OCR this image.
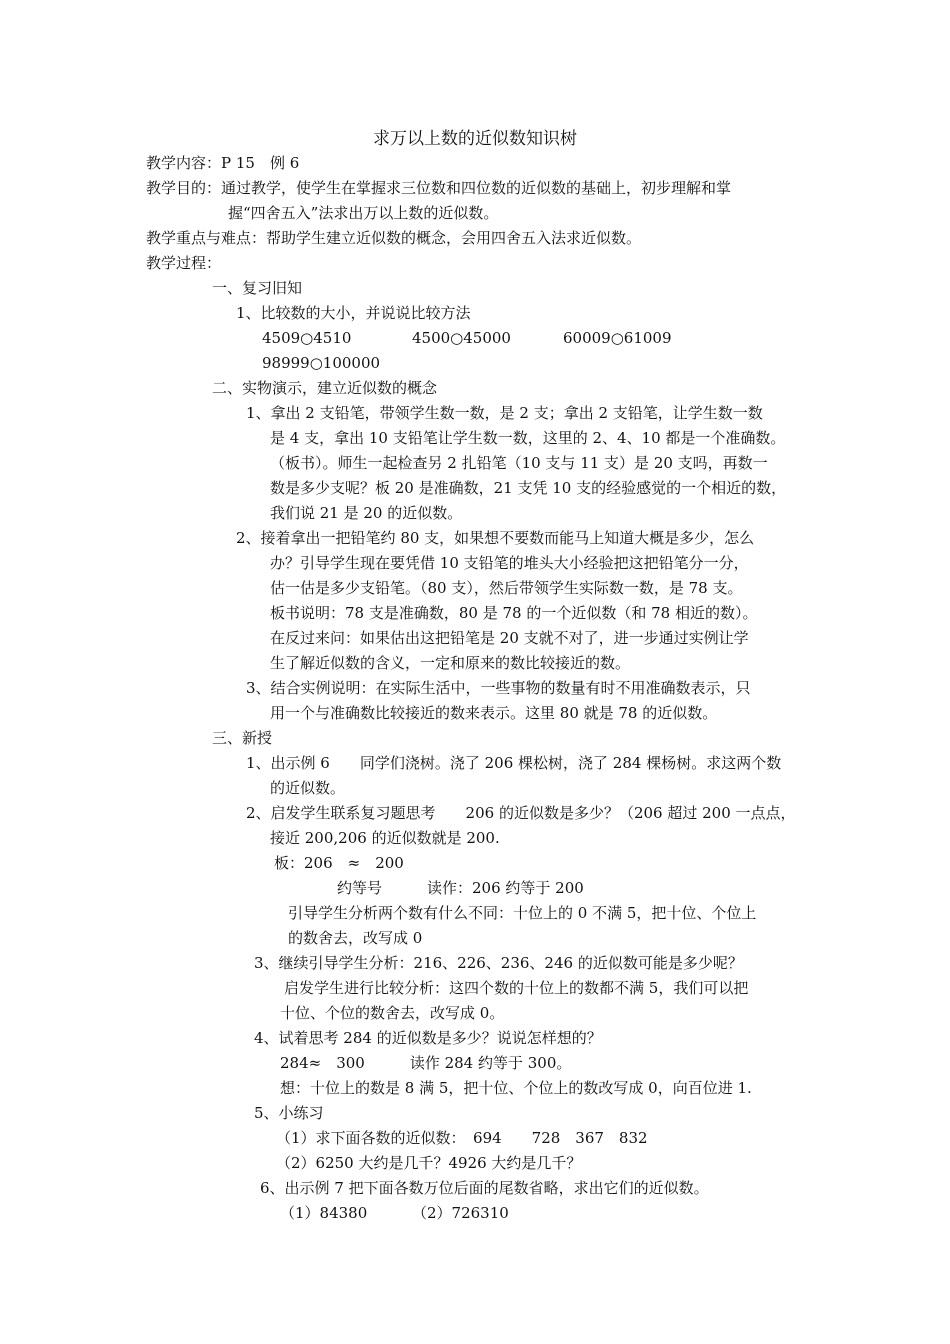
求万以上数的近似数知识树
教学内容：P 15　例 6
教学目的：通过教学，使学生在掌握求三位数和四位数的近似数的基础上，初步理解和掌
握“四舍五入”法求出万以上数的近似数。
教学重点与难点：帮助学生建立近似数的概念，会用四舍五入法求近似数。
教学过程：
一、复习旧知
1、比较数的大小，并说说比较方法
4509○4510	4500○45000	60009○61009
98999○100000
二、实物演示，建立近似数的概念
1、拿出 2 支铅笔，带领学生数一数，是 2 支；拿出 2 支铅笔，让学生数一数
是 4 支，拿出 10 支铅笔让学生数一数，这里的 2、4、10 都是一个准确数。
（板书）。师生一起检查另 2 扎铅笔（10 支与 11 支）是 20 支吗，再数一
数是多少支呢？板 20 是准确数，21 支凭 10 支的经验感觉的一个相近的数，
我们说 21 是 20 的近似数。
2、接着拿出一把铅笔约 80 支，如果想不要数而能马上知道大概是多少，怎么
办？引导学生现在要凭借 10 支铅笔的堆头大小经验把这把铅笔分一分，
估一估是多少支铅笔。（80 支），然后带领学生实际数一数，是 78 支。
板书说明：78 支是准确数，80 是 78 的一个近似数（和 78 相近的数）。
在反过来问：如果估出这把铅笔是 20 支就不对了，进一步通过实例让学
生了解近似数的含义，一定和原来的数比较接近的数。
3、结合实例说明：在实际生活中，一些事物的数量有时不用准确数表示，只
用一个与准确数比较接近的数来表示。这里 80 就是 78 的近似数。
三、新授
1、出示例 6　　同学们浇树。浇了 206 棵松树，浇了 284 棵杨树。求这两个数
的近似数。
2、启发学生联系复习题思考　　206 的近似数是多少？（206 超过 200 一点点，
接近 200,206 的近似数就是 200.
板：206　≈　200
约等号　　　读作：206 约等于 200
引导学生分析两个数有什么不同：十位上的 0 不满 5，把十位、个位上
的数舍去，改写成 0
3、继续引导学生分析：216、226、236、246 的近似数可能是多少呢？
启发学生进行比较分析：这四个数的十位上的数都不满 5，我们可以把
十位、个位的数舍去，改写成 0。
4、试着思考 284 的近似数是多少？说说怎样想的？
284≈　300　　　读作 284 约等于 300。
想：十位上的数是 8 满 5，把十位、个位上的数改写成 0，向百位进 1.
5、小练习
（1）求下面各数的近似数：　694　　728　367　832
（2）6250 大约是几千？4926 大约是几千？
6、出示例 7 把下面各数万位后面的尾数省略，求出它们的近似数。
（1）84380	（2）726310
